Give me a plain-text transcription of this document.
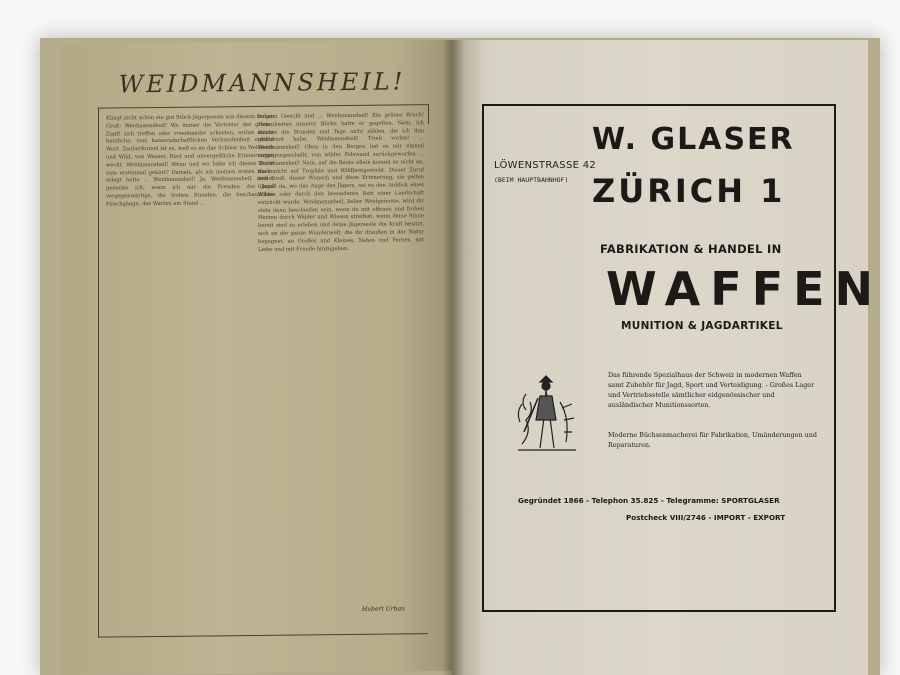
WEIDMANNSHEIL!
Klingt nicht schön ein gut Stück Jägerpoesie aus diesem frohen Gruß: Weidmannsheil! Wo immer die Vertreter der grünen Zunft sich treffen oder voneinander scheiden, ertönt dieses herzliche, vom kameradschaftlichen Verbundenheit erfüllte Wort. Zauberformel ist es, weil es an das Schöne im Weidwerk und Wild, von Wasser, Ried und unvergeßliche Erinnerungen weckt. Weidmannsheil! Wenn und wo habe ich diesen Zuruf zum erstenmal gehört? Damals, als ich meinen ersten Hasen erlegt hatte ... Weidmannsheil! Ja, Weidmannsheil, deiner gedenke ich, wenn ich mir die Freuden der Jagd vergegenwärtige, die frohen Stunden, die beschaulichen Pirschgänge, das Warten am Stand ...
langem Gesicht und ... Weidmannsheil! Ein grüner Bruch! Dem besten unserer Böcke hatte er gegolten. Nein, ich möchte die Stunden und Tage nicht zählen, die ich ihm gewidmet habe. Weidmannsheil! Trieb vorbei! ... Weidmannsheil! Oben in den Bergen hat es mir einmal entgegengeschallt, von wilder Felswand zurückgeworfen ... Weidmannsheil! Nein, auf die Beute allein kommt es nicht an, auch nicht auf Trophäe und Wildbretgewicht. Dieser Zuruf und Gruß, dieser Wunsch und diese Erinnerung, sie gelten überall da, wo das Auge des Jägers, sei es den Anblick eines Wildes oder durch den besonderen Reiz einer Landschaft entzückt wurde. Weidmannsheil, lieber Weidgenosse, wird dir stets dann beschieden sein, wenn du mit offenen und frohen Herzen durch Wälder und Wiesen streifest, wenn deine Sinne bereit sind zu erleben und deine Jägerseele die Kraft besitzt, sich an die ganze Wunderwelt, die ihr draußen in der Natur begegnet, an Großes und Kleines, Nahes und Fernes, mit Liebe und mit Freude hinzugeben.
Hubert Urban
W. GLASER
LÖWENSTRASSE 42
(BEIM HAUPTBAHNHOF) ZÜRICH 1
FABRIKATION & HANDEL IN
WAFFEN
MUNITION & JAGDARTIKEL
Das führende Spezialhaus der Schweiz in modernen Waffen samt Zubehör für Jagd, Sport und Verteidigung. - Großes Lager und Vertriebsstelle sämtlicher eidgenössischer und ausländischer Munitionssorten.
Moderne Büchsenmacherei für Fabrikation, Umänderungen und Reparaturen.
Gegründet 1866 - Telephon 35.825 - Telegramme: SPORTGLASER
Postcheck VIII/2746 - IMPORT - EXPORT
